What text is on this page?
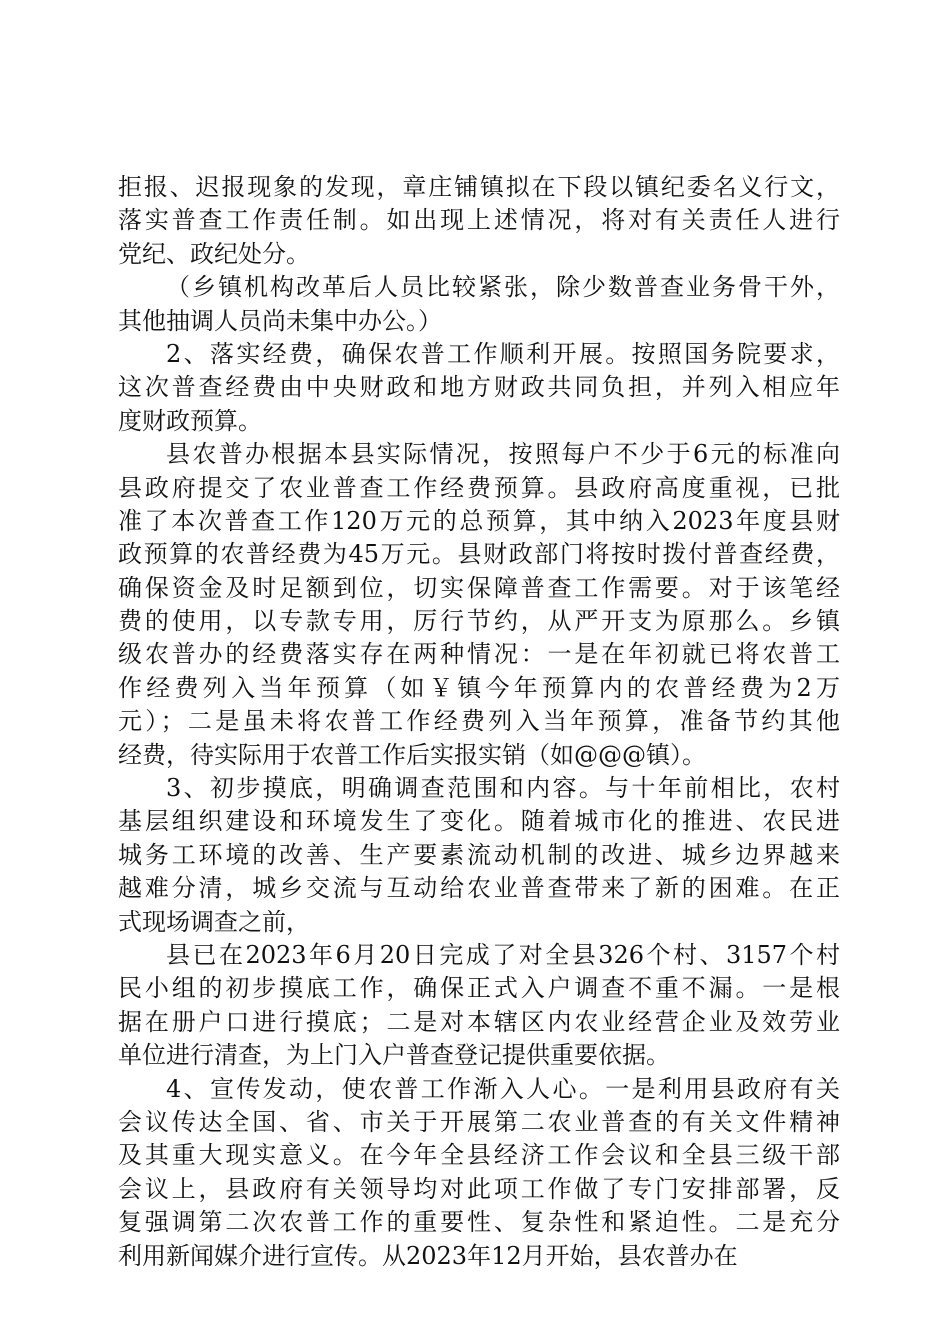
拒报、迟报现象的发现，章庄铺镇拟在下段以镇纪委名义行文，
落实普查工作责任制。如出现上述情况，将对有关责任人进行
党纪、政纪处分。
（乡镇机构改革后人员比较紧张，除少数普查业务骨干外，
其他抽调人员尚未集中办公。）
2、落实经费，确保农普工作顺利开展。按照国务院要求，
这次普查经费由中央财政和地方财政共同负担，并列入相应年
度财政预算。
县农普办根据本县实际情况，按照每户不少于6元的标准向
县政府提交了农业普查工作经费预算。县政府高度重视，已批
准了本次普查工作120万元的总预算，其中纳入2023年度县财
政预算的农普经费为45万元。县财政部门将按时拨付普查经费，
确保资金及时足额到位，切实保障普查工作需要。对于该笔经
费的使用，以专款专用，厉行节约，从严开支为原那么。乡镇
级农普办的经费落实存在两种情况：一是在年初就已将农普工
作经费列入当年预算（如￥镇今年预算内的农普经费为2万
元）；二是虽未将农普工作经费列入当年预算，准备节约其他
经费，待实际用于农普工作后实报实销（如@@@镇）。
3、初步摸底，明确调查范围和内容。与十年前相比，农村
基层组织建设和环境发生了变化。随着城市化的推进、农民进
城务工环境的改善、生产要素流动机制的改进、城乡边界越来
越难分清，城乡交流与互动给农业普查带来了新的困难。在正
式现场调查之前，
县已在2023年6月20日完成了对全县326个村、3157个村
民小组的初步摸底工作，确保正式入户调查不重不漏。一是根
据在册户口进行摸底；二是对本辖区内农业经营企业及效劳业
单位进行清查，为上门入户普查登记提供重要依据。
4、宣传发动，使农普工作渐入人心。一是利用县政府有关
会议传达全国、省、市关于开展第二农业普查的有关文件精神
及其重大现实意义。在今年全县经济工作会议和全县三级干部
会议上，县政府有关领导均对此项工作做了专门安排部署，反
复强调第二次农普工作的重要性、复杂性和紧迫性。二是充分
利用新闻媒介进行宣传。从2023年12月开始，县农普办在
